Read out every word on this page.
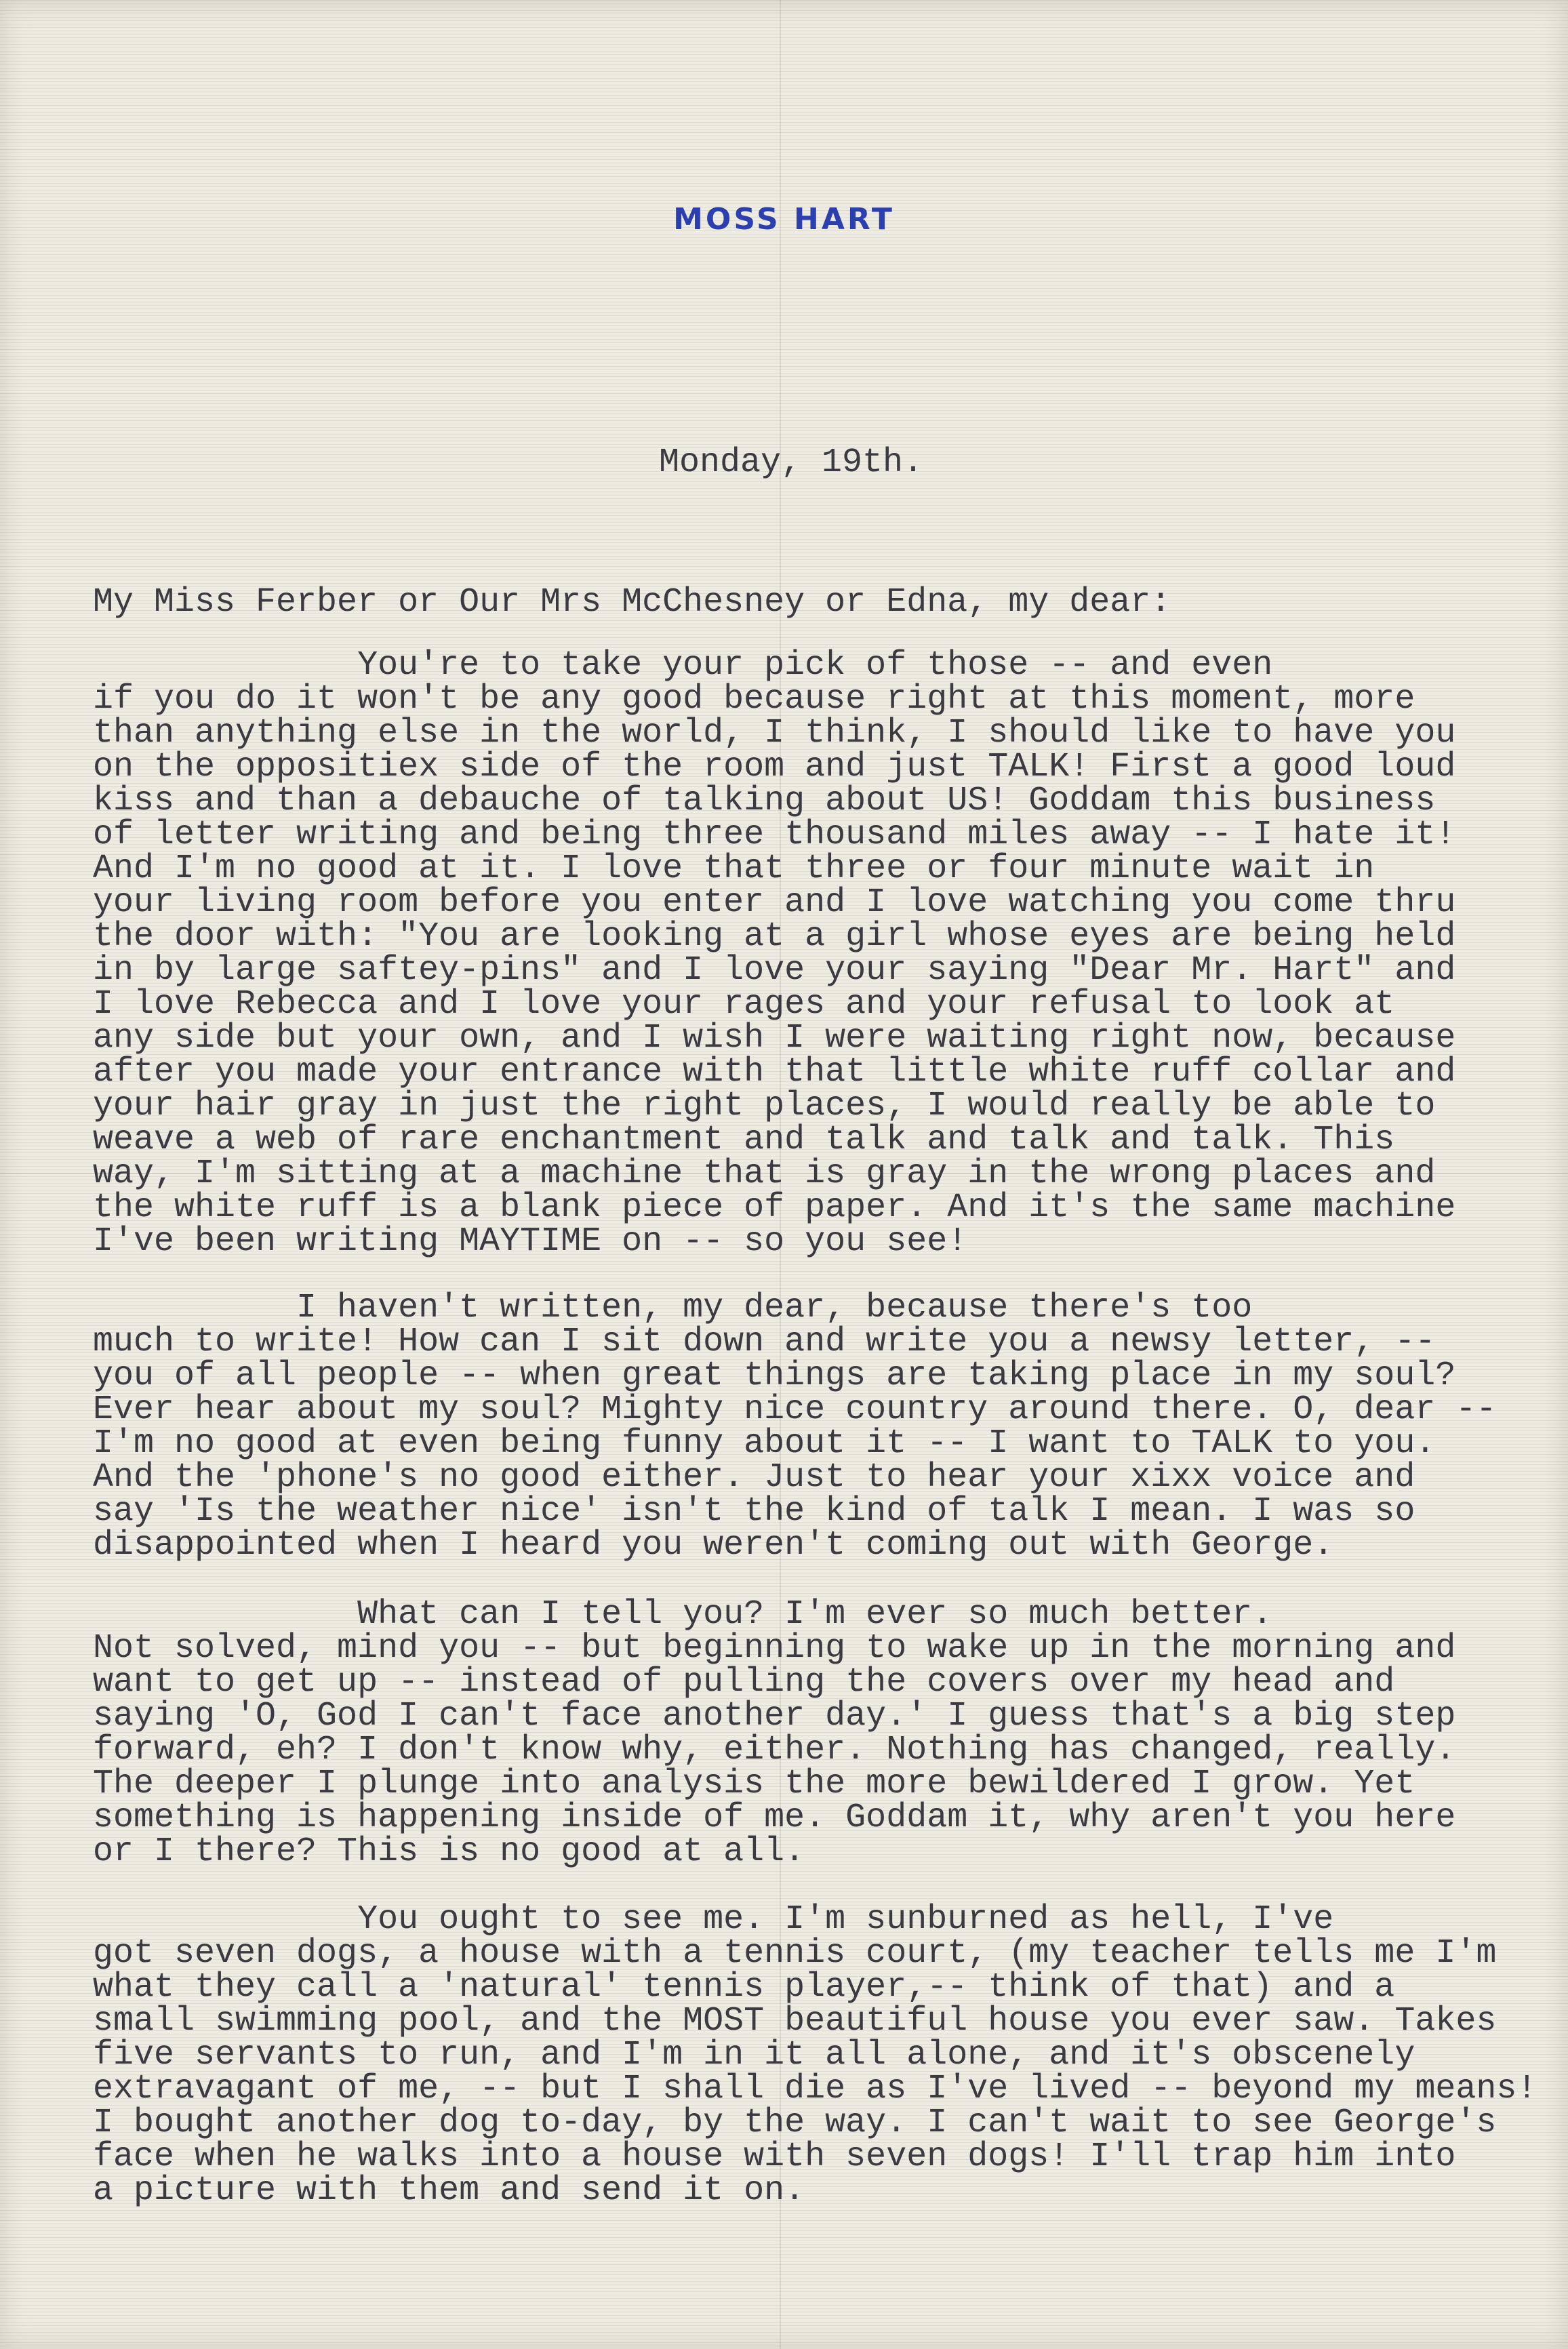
MOSS HART
Monday, 19th.
My Miss Ferber or Our Mrs McChesney or Edna, my dear:
You're to take your pick of those -- and even
if you do it won't be any good because right at this moment, more
than anything else in the world, I think, I should like to have you
on the oppositiex side of the room and just TALK! First a good loud
kiss and than a debauche of talking about US! Goddam this business
of letter writing and being three thousand miles away -- I hate it!
And I'm no good at it. I love that three or four minute wait in
your living room before you enter and I love watching you come thru
the door with: "You are looking at a girl whose eyes are being held
in by large saftey-pins" and I love your saying "Dear Mr. Hart" and
I love Rebecca and I love your rages and your refusal to look at
any side but your own, and I wish I were waiting right now, because
after you made your entrance with that little white ruff collar and
your hair gray in just the right places, I would really be able to
weave a web of rare enchantment and talk and talk and talk. This
way, I'm sitting at a machine that is gray in the wrong places and
the white ruff is a blank piece of paper. And it's the same machine
I've been writing MAYTIME on -- so you see!
I haven't written, my dear, because there's too
much to write! How can I sit down and write you a newsy letter, --
you of all people -- when great things are taking place in my soul?
Ever hear about my soul? Mighty nice country around there. O, dear --
I'm no good at even being funny about it -- I want to TALK to you.
And the 'phone's no good either. Just to hear your xixx voice and
say 'Is the weather nice' isn't the kind of talk I mean. I was so
disappointed when I heard you weren't coming out with George.
What can I tell you? I'm ever so much better.
Not solved, mind you -- but beginning to wake up in the morning and
want to get up -- instead of pulling the covers over my head and
saying 'O, God I can't face another day.' I guess that's a big step
forward, eh? I don't know why, either. Nothing has changed, really.
The deeper I plunge into analysis the more bewildered I grow. Yet
something is happening inside of me. Goddam it, why aren't you here
or I there? This is no good at all.
You ought to see me. I'm sunburned as hell, I've
got seven dogs, a house with a tennis court, (my teacher tells me I'm
what they call a 'natural' tennis player,-- think of that) and a
small swimming pool, and the MOST beautiful house you ever saw. Takes
five servants to run, and I'm in it all alone, and it's obscenely
extravagant of me, -- but I shall die as I've lived -- beyond my means!
I bought another dog to-day, by the way. I can't wait to see George's
face when he walks into a house with seven dogs! I'll trap him into
a picture with them and send it on.
